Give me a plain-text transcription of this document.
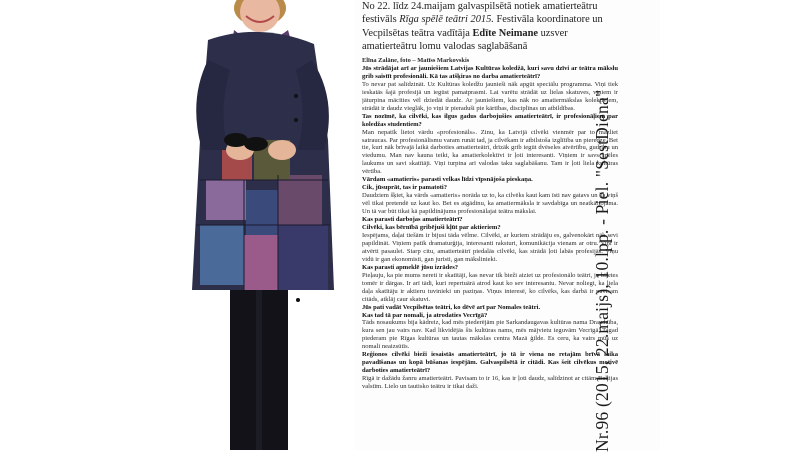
No 22. līdz 24.maijam galvaspilsētā notiek amatierteātru festivāls Rīga spēlē teātri 2015. Festivāla koordinatore un Vecpilsētas teātra vadītāja Edīte Neimane uzsver amatierteātru lomu valodas saglabāšanā

Elīna Zalāne, foto – Matīss Markovskis

Jūs strādājat arī ar jauniešiem Latvijas Kultūras koledžā, kuri savu dzīvi ar teātra mākslu grib saistīt profesionāli. Kā tas atšķiras no darba amatierteātrī?

To nevar pat salīdzināt. Uz Kultūras koledžu jaunieši nāk apgūt speciālu programma. Viņi tiek ieskatās šajā profesijā un iegūst pamatprasmi. Lai varētu strādāt uz lielas skatuves, viņiem ir jāturpina mācīties vēl dziedāt daudz. Ar jauniešiem, kas nāk no amatiermākslas kolektīviem, strādāt ir daudz vieglāk, jo viņi ir pieraduši pie kārtības, disciplīnas un atbildības.

Tas nozīmē, ka cilvēki, kas ilgus gadus darbojušies amatierteātrī, ir profesionāļiem par koledžas studentiem?

Man nepatīk lietot vārdu «profesionāls». Zinu, ka Latvijā cilvēki vienmēr par to mazliet satraucas. Par profesionālismu varam runāt tad, ja cilvēkam ir atbilstoša izglītība un pieredze. Bet tie, kuri nāk brīvajā laikā darboties amatierteātrī, drīzāk grib iegūt dvēseles atvērtību, gudrību un viedumu. Man nav kauna teikt, ka amatierkolektīvi ir ļoti interesanti. Viņiem ir savs spēles laukums un savi skatītāji. Viņi turpina arī valodas taku saglabāšanu. Tam ir ļoti liela kultūras vērtība.

Vārdam «amatieris» parasti velkas līdzi vīpsnājoša pieskaņa.

Cik, jūsuprāt, tas ir pamatoti?

Daudziem šķiet, ka vārds «amatieris» norāda uz to, ka cilvēks kaut kam īsti nav gatavs un ka viņš vēl tikai pretendē uz kaut ko. Bet es atgādinu, ka amatiermāksla ir savdabīga un neatkārtojama. Un tā var būt tikai kā papildinājums profesionālajai teātra mākslai.

Kas parasti darbojas amatierteātrī?

Cilvēki, kas bērnībā gribējuši kļūt par aktieriem?

Iespējams, daļai tiešām ir bijusi tāda vēlme. Cilvēki, ar kuriem strādāju es, galvenokārt nāk sevi papildināt. Viņiem patīk dramaturģija, interesanti raksturi, komunikācija vienam ar otru. Viņi ir atvērti pasaulei. Starp citu, amatierteātrī piedalās cilvēki, kas strādā ļoti labās profesijās. Viņu vidū ir gan ekonomisti, gan juristi, gan mākslinieki.

Kas parasti apmeklē jūsu izrādes?

Pieļauju, ka pie mums nereti ir skatītāji, kas nevar tik bieži aiziet uz profesionālo teātri, jo biļetes tomēr ir dārgas. Ir arī tādi, kuri repertuārā atrod kaut ko sev interesantu. Nevar noliegt, ka liela daļa skatītāju ir aktieru tuvinieki un paziņas. Viņus interesē, ko cilvēks, kas darbā ir pavisam citāds, atklāj caur skatuvi.

Jūs pati vadāt Vecpilsētas teātri, ko dēvē arī par Nomales teātri.

Kas tad tā par nomali, ja atrodaties Vecrīgā?

Tāds nosaukums bija kādreiz, kad mēs piederējām pie Sarkandaugavas kultūras nama Draudzība, kura sen jau vairs nav. Kad likvidējās šis kultūras nams, mēs mājvietu ieguvām Vecrīgā. Tagad piederam pie Rīgas kultūras un tautas mākslas centra Mazā ģilde. Es ceru, ka vairs mūs uz nomali neaizsūtīs.

Reģionos cilvēki bieži iesaistās amatierteātrī, jo tā ir viena no retajām brīvā laika pavadīšanas un kopā būšanas iespējām. Galvaspilsētā ir citādi. Kas šeit cilvēkus motivē darboties amatierteātrī?

Rīgā ir dažādu žanru amatierteātri. Pavisam to ir 16, kas ir ļoti daudz, salīdzinot ar citām Baltijas valstīm. Lielo un tautisko teātru ir tikai daži.	Nr.96 (2015, 22.maijs), 10.lpp. - Piel. "SestDiena"
